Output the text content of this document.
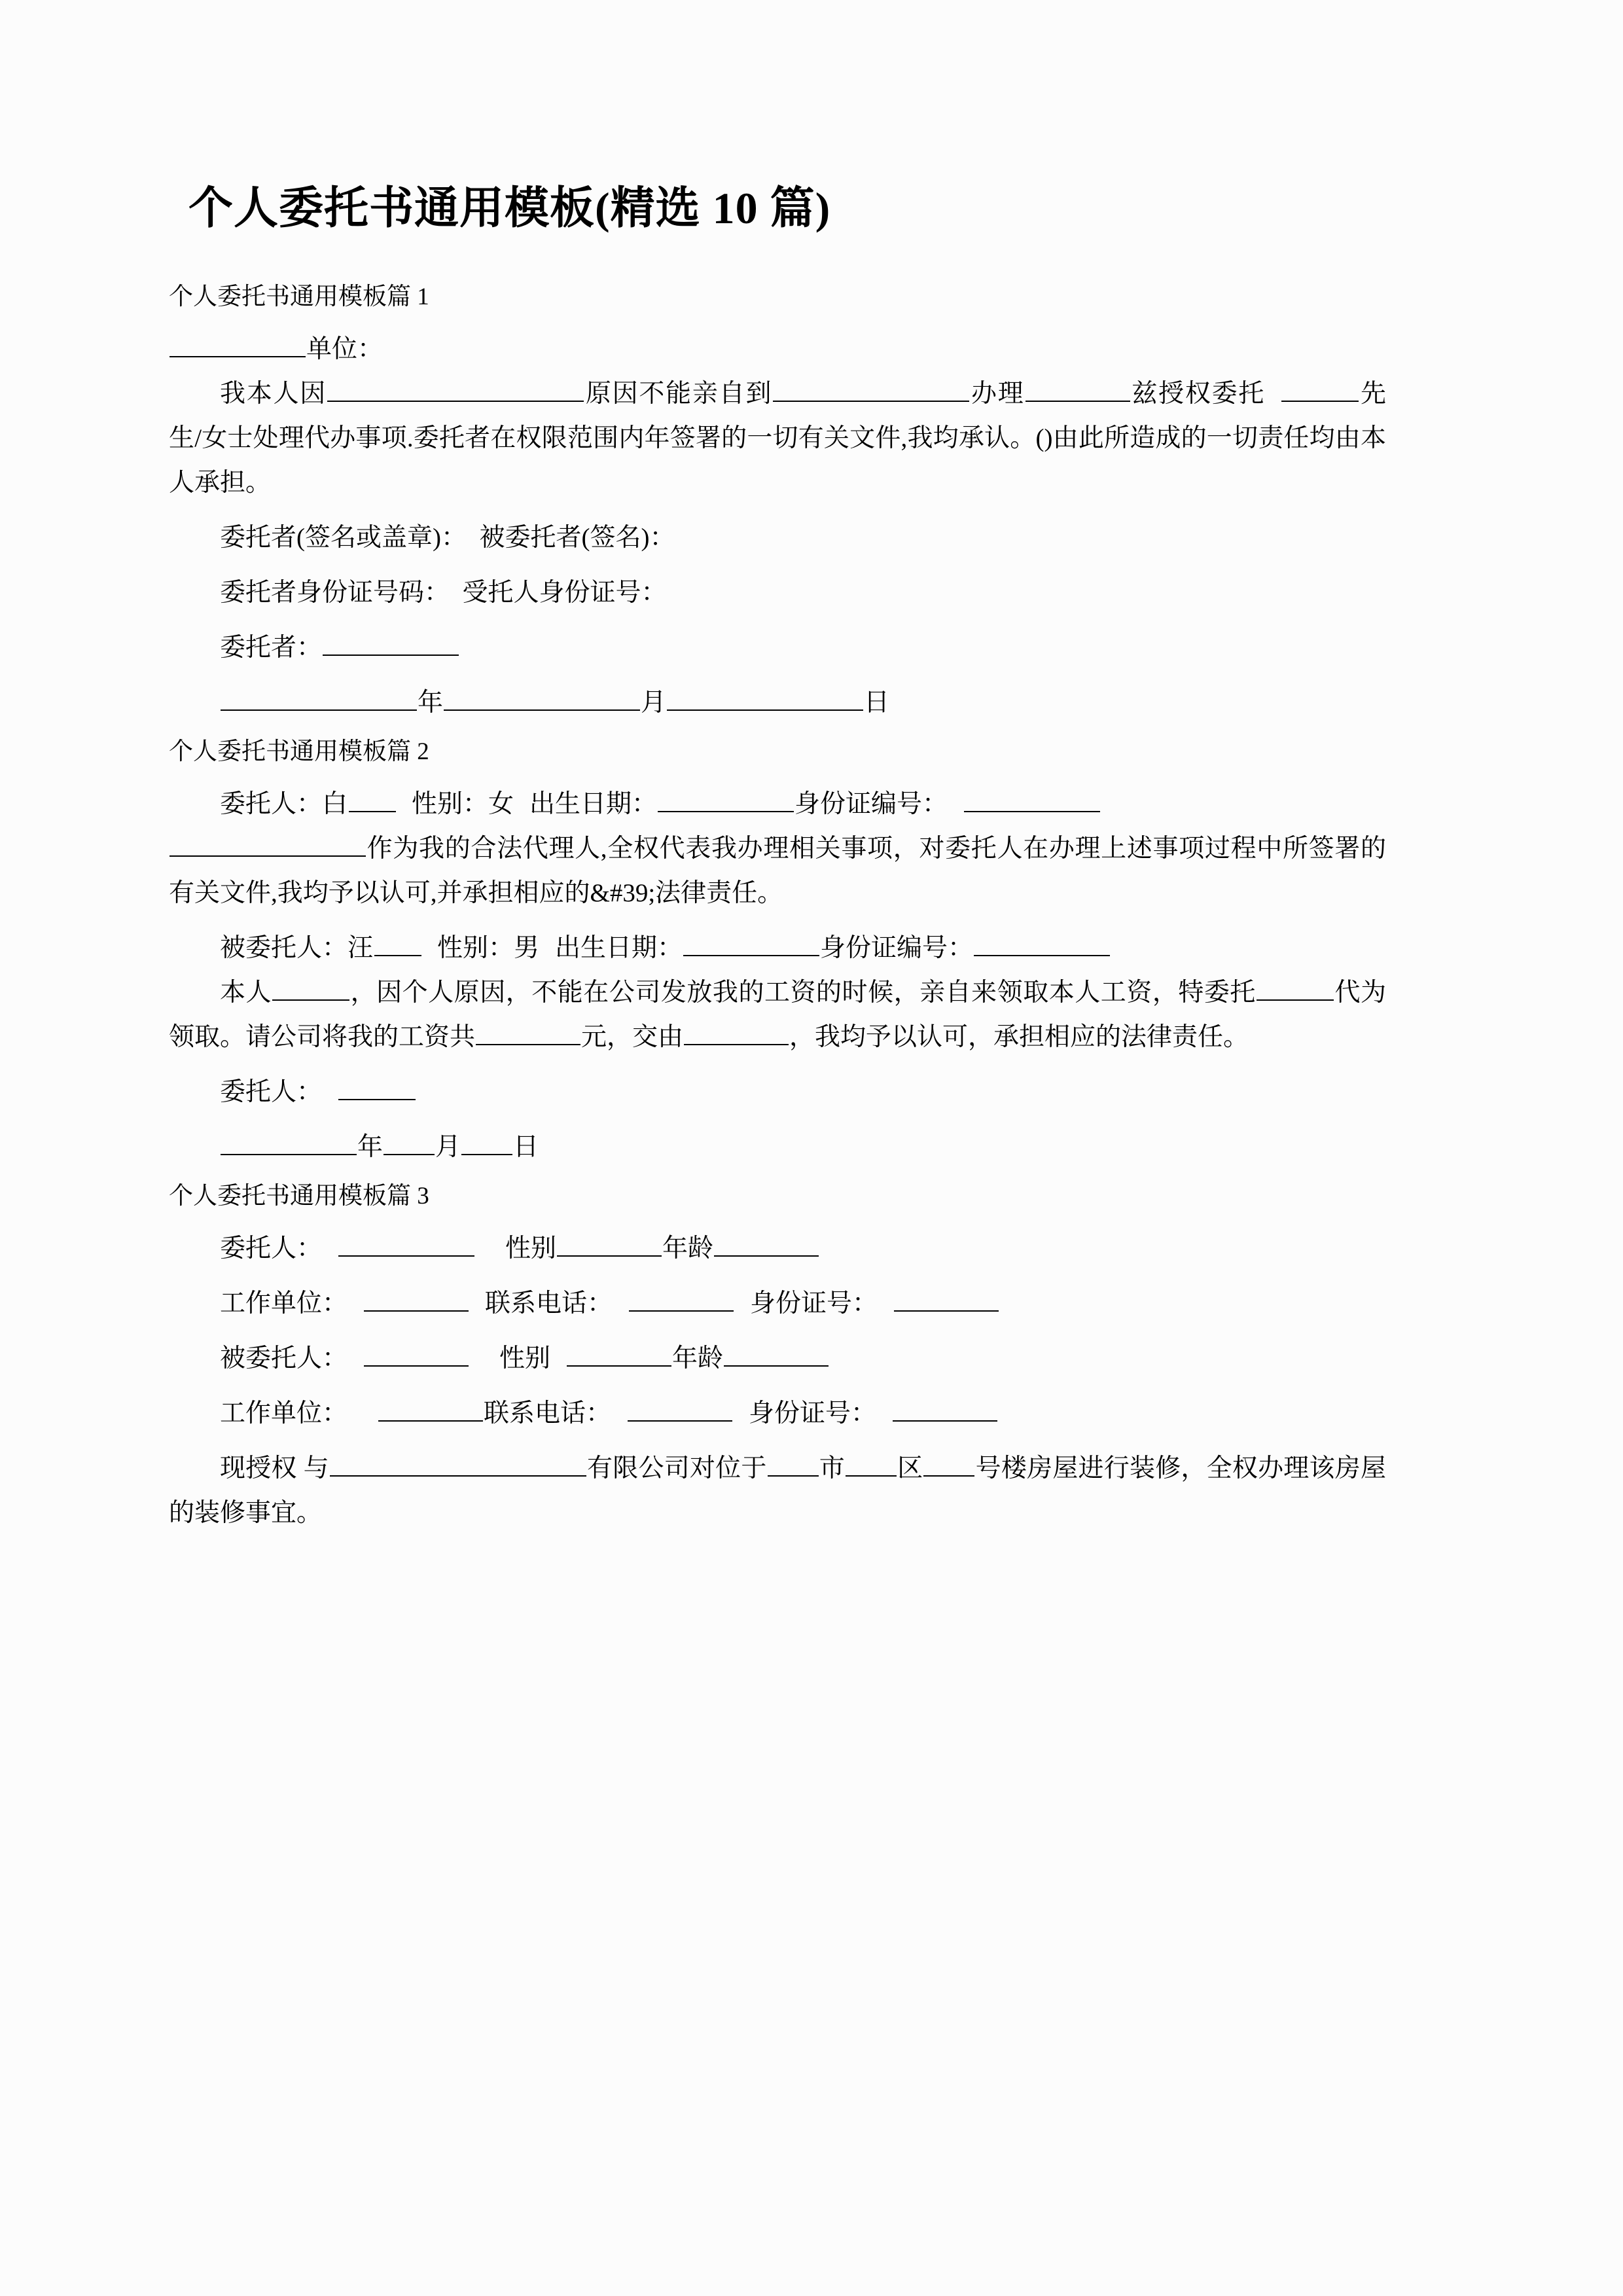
个人委托书通用模板(精选 10 篇)
个人委托书通用模板篇 1

单位：

我本人因	原因不能亲自到	办理	兹授权委托	先生/女士处理代办事项.委托者在权限范围内年签署的一切有关文件,我均承认。()由此所造成的一切责任均由本人承担。

委托者(签名或盖章)：　被委托者(签名)：

委托者身份证号码：　受托人身份证号：

委托者：

年	月	日

个人委托书通用模板篇 2

委托人：白	性别：女 出生日期：	身份证编号：

作为我的合法代理人,全权代表我办理相关事项，对委托人在办理上述事项过程中所签署的有关文件,我均予以认可,并承担相应的&#39;法律责任。

被委托人：汪	性别：男 出生日期：	身份证编号：

本人	，因个人原因，不能在公司发放我的工资的时候，亲自来领取本人工资，特委托	代为领取。请公司将我的工资共	元，交由	，我均予以认可，承担相应的法律责任。

委托人：

年 月 日

个人委托书通用模板篇 3

委托人：	性别	年龄

工作单位：	联系电话：	身份证号：

被委托人：	性别	年龄

工作单位：	联系电话：	身份证号：

现授权 与	有限公司对位于 市 区 号楼房屋进行装修，全权办理该房屋的装修事宜。
